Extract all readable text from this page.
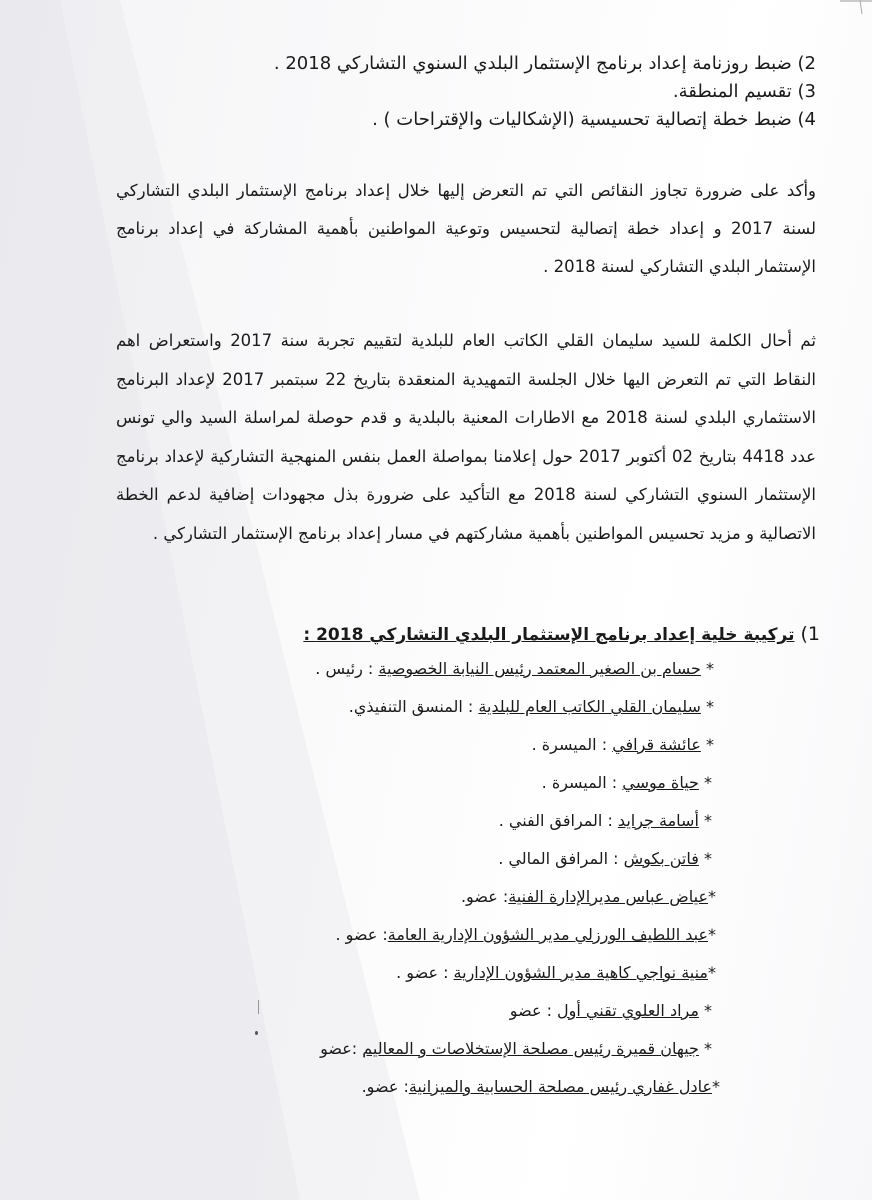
2) ضبط روزنامة إعداد برنامج الإستثمار البلدي السنوي التشاركي 2018 .
3) تقسيم المنطقة.
4) ضبط خطة إتصالية تحسيسية (الإشكاليات والإقتراحات ) .
وأكد على ضرورة تجاوز النقائص التي تم التعرض إليها خلال إعداد برنامج الإستثمار البلدي التشاركي لسنة 2017 و إعداد خطة إتصالية لتحسيس وتوعية المواطنين بأهمية المشاركة في إعداد برنامج الإستثمار البلدي التشاركي لسنة 2018 .
ثم أحال الكلمة للسيد سليمان القلي الكاتب العام للبلدية لتقييم تجربة سنة 2017 واستعراض اهم النقاط التي تم التعرض اليها خلال الجلسة التمهيدية المنعقدة بتاريخ 22 سبتمبر 2017 لإعداد البرنامج الاستثماري البلدي لسنة 2018 مع الاطارات المعنية بالبلدية و قدم حوصلة لمراسلة السيد والي تونس عدد 4418 بتاريخ 02 أكتوبر 2017 حول إعلامنا بمواصلة العمل بنفس المنهجية التشاركية لإعداد برنامج الإستثمار السنوي التشاركي لسنة 2018 مع التأكيد على ضرورة بذل مجهودات إضافية لدعم الخطة الاتصالية و مزيد تحسيس المواطنين بأهمية مشاركتهم في مسار إعداد برنامج الإستثمار التشاركي .
1)تركيبة خلية إعداد برنامج الإستثمار البلدي التشاركي 2018 :
* حسام بن الصغير المعتمد رئيس النيابة الخصوصية : رئيس .
* سليمان القلي الكاتب العام للبلدية : المنسق التنفيذي.
* عائشة قرافي : الميسرة .
* حياة موسي : الميسرة .
* أسامة جرايد : المرافق الفني .
* فاتن بكوش : المرافق المالي .
*عياض عباس مديرالإدارة الفنية: عضو.
*عبد اللطيف الورزلي مدير الشؤون الإدارية العامة: عضو .
*منية نواجي كاهية مدير الشؤون الإدارية : عضو .
* مراد العلوي تقني أول : عضو
* جيهان قميرة رئيس مصلحة الإستخلاصات و المعاليم :عضو
*عادل غفاري رئيس مصلحة الحسابية والميزانية: عضو.
